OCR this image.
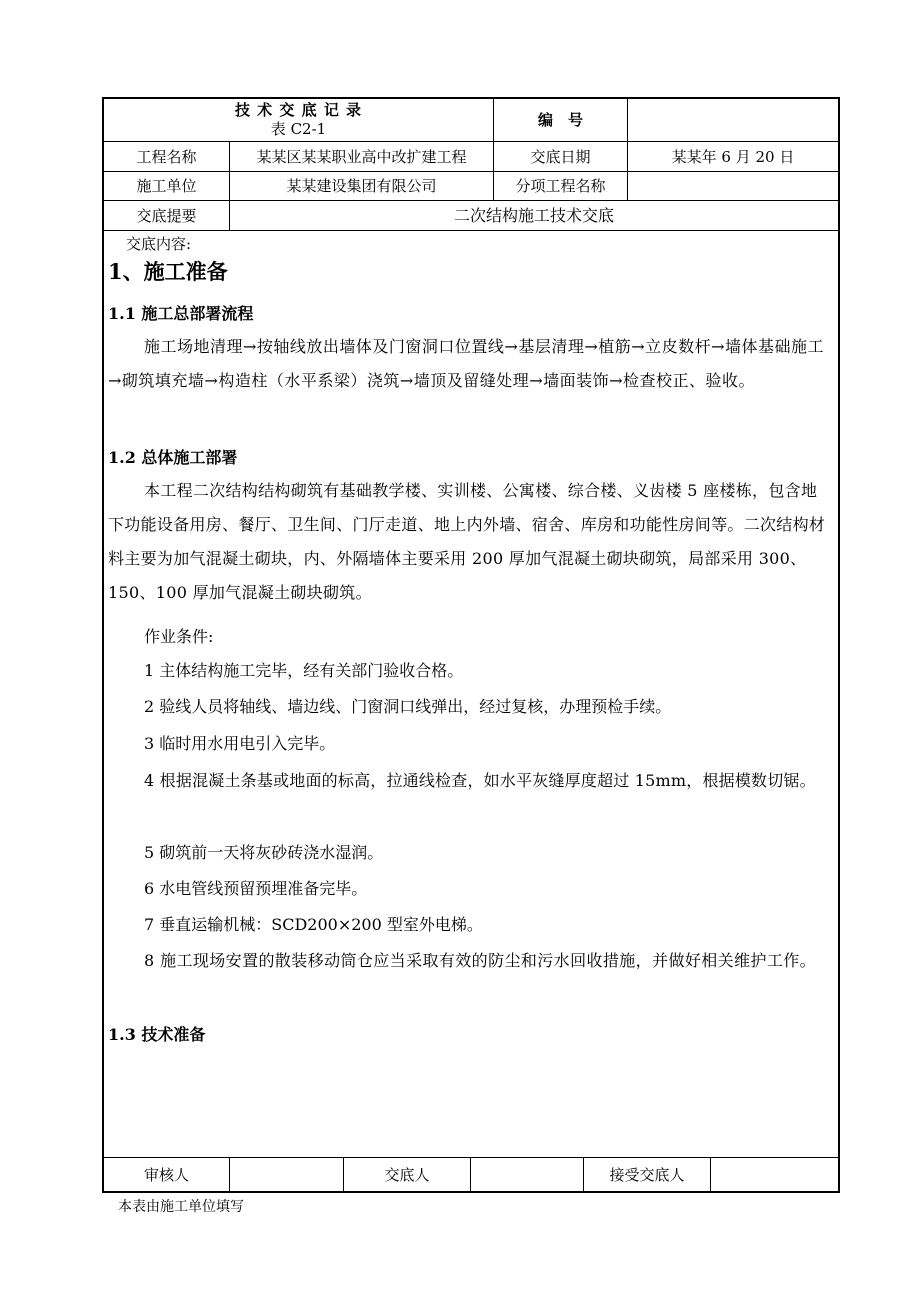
技 术 交 底 记 录
表 C2-1	编　号
工程名称	某某区某某职业高中改扩建工程	交底日期	某某年 6 月 20 日
施工单位	某某建设集团有限公司	分项工程名称
交底提要	二次结构施工技术交底
交底内容:
1、施工准备
1.1 施工总部署流程
施工场地清理→按轴线放出墙体及门窗洞口位置线→基层清理→植筋→立皮数杆→墙体基础施工→砌筑填充墙→构造柱（水平系梁）浇筑→墙顶及留缝处理→墙面装饰→检查校正、验收。
1.2 总体施工部署
本工程二次结构结构砌筑有基础教学楼、实训楼、公寓楼、综合楼、义齿楼 5 座楼栋，包含地下功能设备用房、餐厅、卫生间、门厅走道、地上内外墙、宿舍、库房和功能性房间等。二次结构材料主要为加气混凝土砌块，内、外隔墙体主要采用 200 厚加气混凝土砌块砌筑，局部采用 300、150、100 厚加气混凝土砌块砌筑。
作业条件:
1 主体结构施工完毕，经有关部门验收合格。
2 验线人员将轴线、墙边线、门窗洞口线弹出，经过复核，办理预检手续。
3 临时用水用电引入完毕。
4 根据混凝土条基或地面的标高，拉通线检查，如水平灰缝厚度超过 15mm，根据模数切锯。
5 砌筑前一天将灰砂砖浇水湿润。
6 水电管线预留预埋准备完毕。
7 垂直运输机械：SCD200×200 型室外电梯。
8 施工现场安置的散装移动筒仓应当采取有效的防尘和污水回收措施，并做好相关维护工作。
1.3 技术准备
审核人	交底人	接受交底人
本表由施工单位填写
